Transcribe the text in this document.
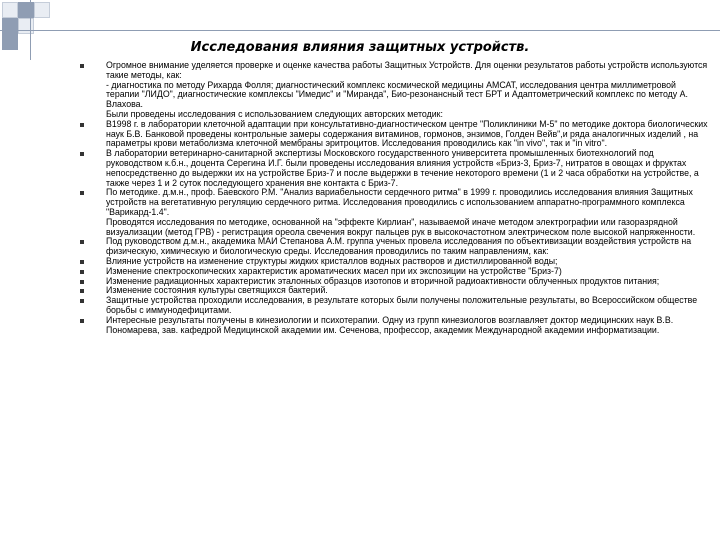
Исследования влияния защитных устройств.
Огромное внимание уделяется проверке и оценке качества работы Защитных Устройств. Для оценки результатов работы устройств используются такие методы, как:
- диагностика по методу Рихарда Фолля; диагностический комплекс космической медицины АМСАТ, исследования центра миллиметровой терапии "ЛИДО", диагностические комплексы "Имедис" и "Миранда", Био-резонансный тест БРТ и Адаптометрический комплекс по методу А. Влахова.
Были проведены исследования с использованием следующих авторских методик:
В1998 г. в лаборатории клеточной адаптации при консультативно-диагностическом центре "Поликлиники М-5" по методике доктора биологических наук Б.В. Банковой проведены контрольные замеры содержания витаминов, гормонов, энзимов, Голден Вейв",и ряда аналогичных изделий , на параметры крови метаболизма клеточной мембраны эритроцитов. Исследования проводились как "in vivo", так и "in vitro".
В лаборатории ветеринарно-санитарной экспертизы Московского государственного университета промышленных биотехнологий под руководством к.б.н., доцента Серегина И.Г. были проведены исследования влияния устройств «Бриз-3, Бриз-7, нитратов в овощах и фруктах непосредственно до выдержки их на устройстве Бриз-7 и после выдержки в течение некоторого времени (1 и 2 часа обработки на устройстве, а также через 1 и 2 суток последующего хранения вне контакта с Бриз-7.
По методике. д.м.н., проф. Баевского Р.М. "Анализ вариабельности сердечного ритма" в 1999 г. проводились исследования влияния Защитных устройств на вегетативную регуляцию сердечного ритма. Исследования проводились с использованием аппаратно-программного комплекса "Варикард-1.4".
Проводятся исследования по методике, основанной на "эффекте Кирлиан", называемой иначе методом электрографии или газоразрядной визуализации (метод ГРВ) - регистрация ореола свечения вокруг пальцев рук в высокочастотном электрическом поле высокой напряженности.
Под руководством д.м.н., академика МАИ Степанова А.М. группа ученых провела исследования по объективизации воздействия устройств на физическую, химическую и биологическую среды. Исследования проводились по таким направлениям, как:
Влияние устройств на изменение структуры жидких кристаллов водных растворов и дистиллированной воды;
Изменение спектроскопических характеристик ароматических масел при их экспозиции на устройстве "Бриз-7)
Изменение радиационных характеристик эталонных образцов изотопов и вторичной радиоактивности облученных продуктов питания;
Изменение состояния культуры светящихся бактерий.
Защитные устройства проходили исследования, в результате которых были получены положительные результаты, во Всероссийском обществе борьбы с иммунодефицитами.
Интересные результаты получены в кинезиологии и психотерапии. Одну из групп кинезиологов возглавляет доктор медицинских наук В.В. Пономарева, зав. кафедрой Медицинской академии им. Сеченова, профессор, академик Международной академии информатизации.
